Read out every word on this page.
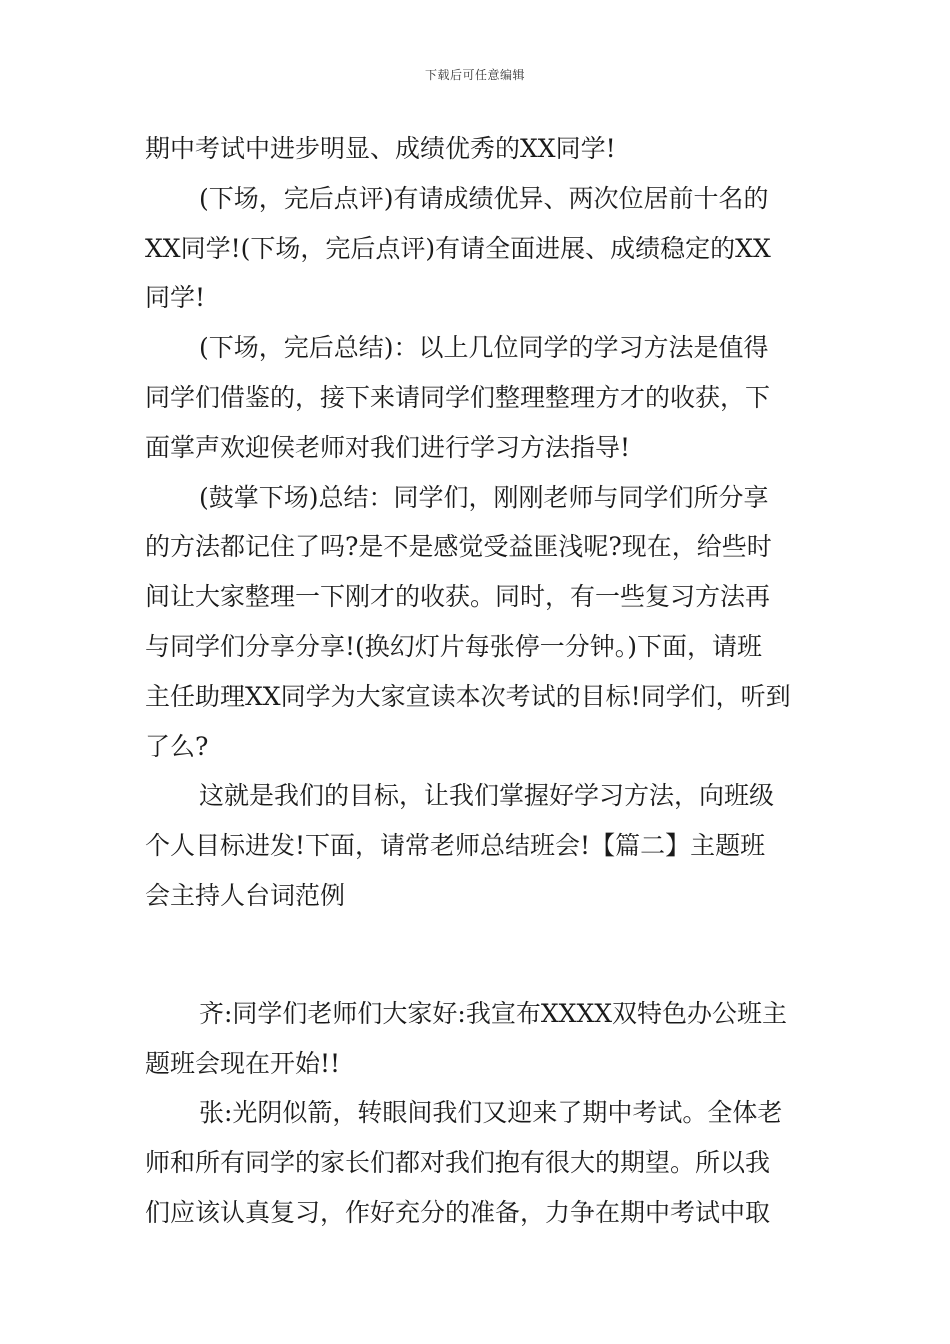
下载后可任意编辑
期中考试中进步明显、成绩优秀的XX同学!
(下场，完后点评)有请成绩优异、两次位居前十名的
XX同学!(下场，完后点评)有请全面进展、成绩稳定的XX
同学!
(下场，完后总结)：以上几位同学的学习方法是值得
同学们借鉴的，接下来请同学们整理整理方才的收获，下
面掌声欢迎侯老师对我们进行学习方法指导!
(鼓掌下场)总结：同学们，刚刚老师与同学们所分享
的方法都记住了吗?是不是感觉受益匪浅呢?现在，给些时
间让大家整理一下刚才的收获。同时，有一些复习方法再
与同学们分享分享!(换幻灯片每张停一分钟。)下面，请班
主任助理XX同学为大家宣读本次考试的目标!同学们，听到
了么?
这就是我们的目标，让我们掌握好学习方法，向班级
个人目标进发!下面，请常老师总结班会!【篇二】主题班
会主持人台词范例
齐:同学们老师们大家好:我宣布XXXX双特色办公班主
题班会现在开始!!
张:光阴似箭，转眼间我们又迎来了期中考试。全体老
师和所有同学的家长们都对我们抱有很大的期望。所以我
们应该认真复习，作好充分的准备，力争在期中考试中取
